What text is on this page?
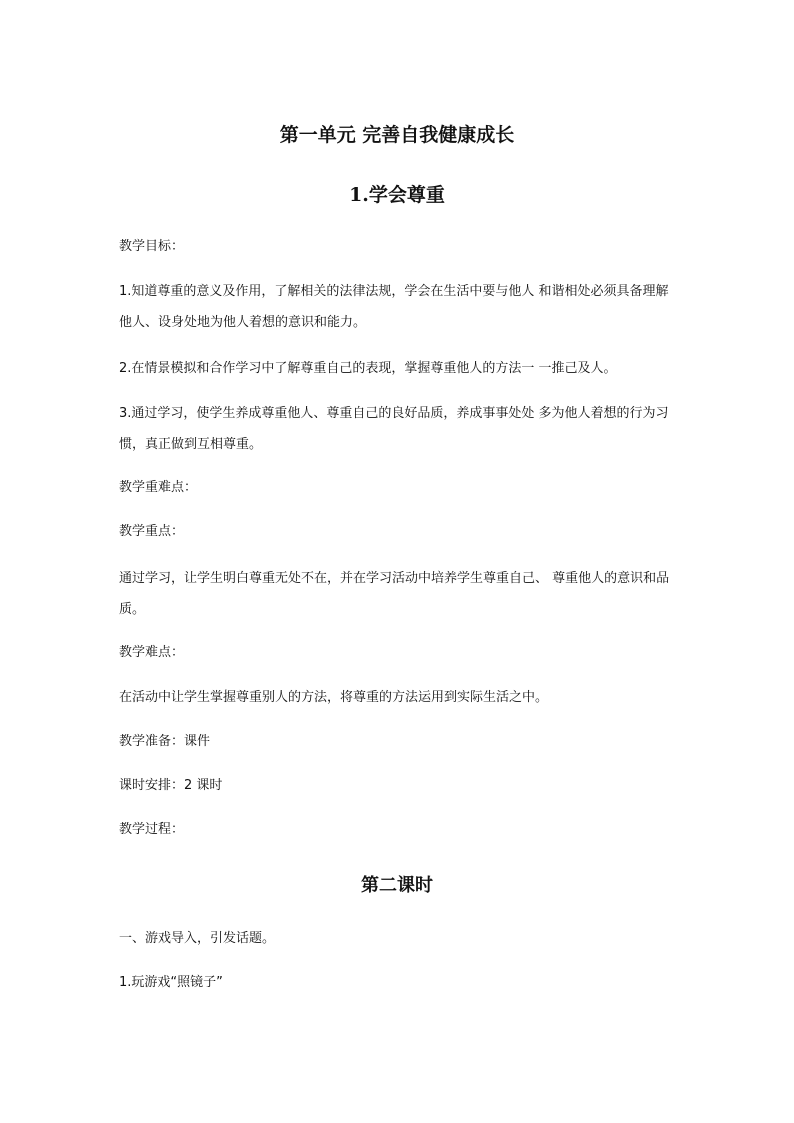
第一单元 完善自我健康成长
1.学会尊重
教学目标：
1.知道尊重的意义及作用，了解相关的法律法规，学会在生活中要与他人 和谐相处必须具备理解他人、设身处地为他人着想的意识和能力。
2.在情景模拟和合作学习中了解尊重自己的表现，掌握尊重他人的方法一 一推己及人。
3.通过学习，使学生养成尊重他人、尊重自己的良好品质，养成事事处处 多为他人着想的行为习惯，真正做到互相尊重。
教学重难点：
教学重点：
通过学习，让学生明白尊重无处不在，并在学习活动中培养学生尊重自己、 尊重他人的意识和品质。
教学难点：
在活动中让学生掌握尊重别人的方法，将尊重的方法运用到实际生活之中。
教学准备：课件
课时安排：2 课时
教学过程：
第二课时
一、游戏导入，引发话题。
1.玩游戏“照镜子”
